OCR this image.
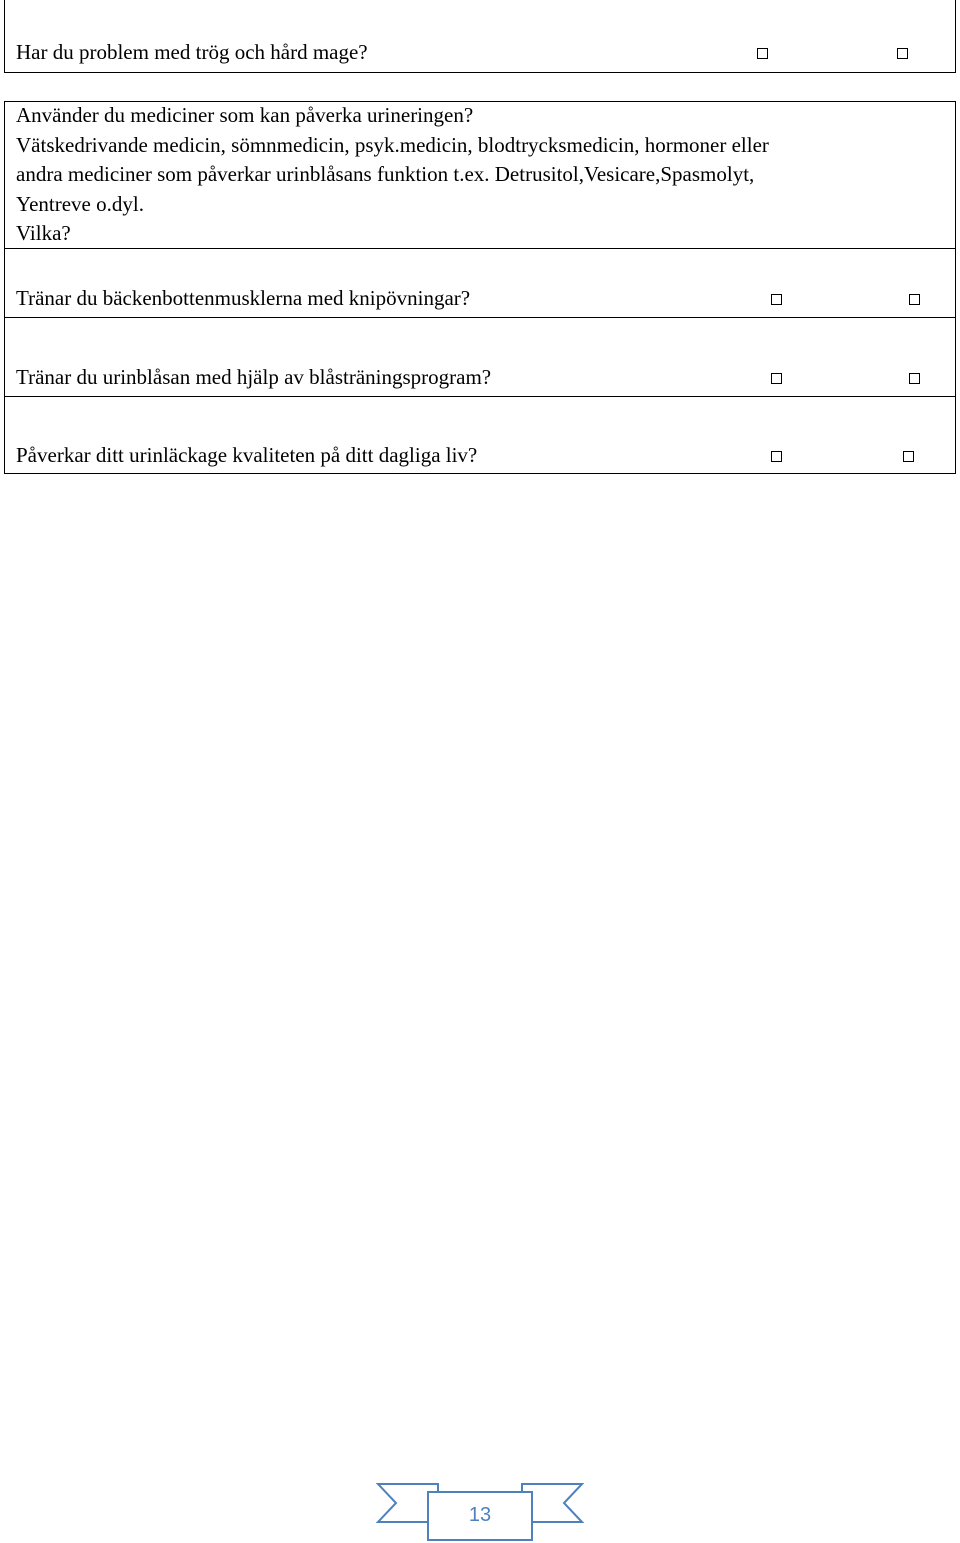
Har du problem med trög och hård mage?
Använder du mediciner som kan påverka urineringen?
Vätskedrivande medicin, sömnmedicin, psyk.medicin, blodtrycksmedicin, hormoner eller
andra mediciner som påverkar urinblåsans funktion t.ex. Detrusitol,Vesicare,Spasmolyt,
Yentreve o.dyl.
Vilka?
Tränar du bäckenbottenmusklerna med knipövningar?
Tränar du urinblåsan med hjälp av blåsträningsprogram?
Påverkar ditt urinläckage kvaliteten på ditt dagliga liv?
13
